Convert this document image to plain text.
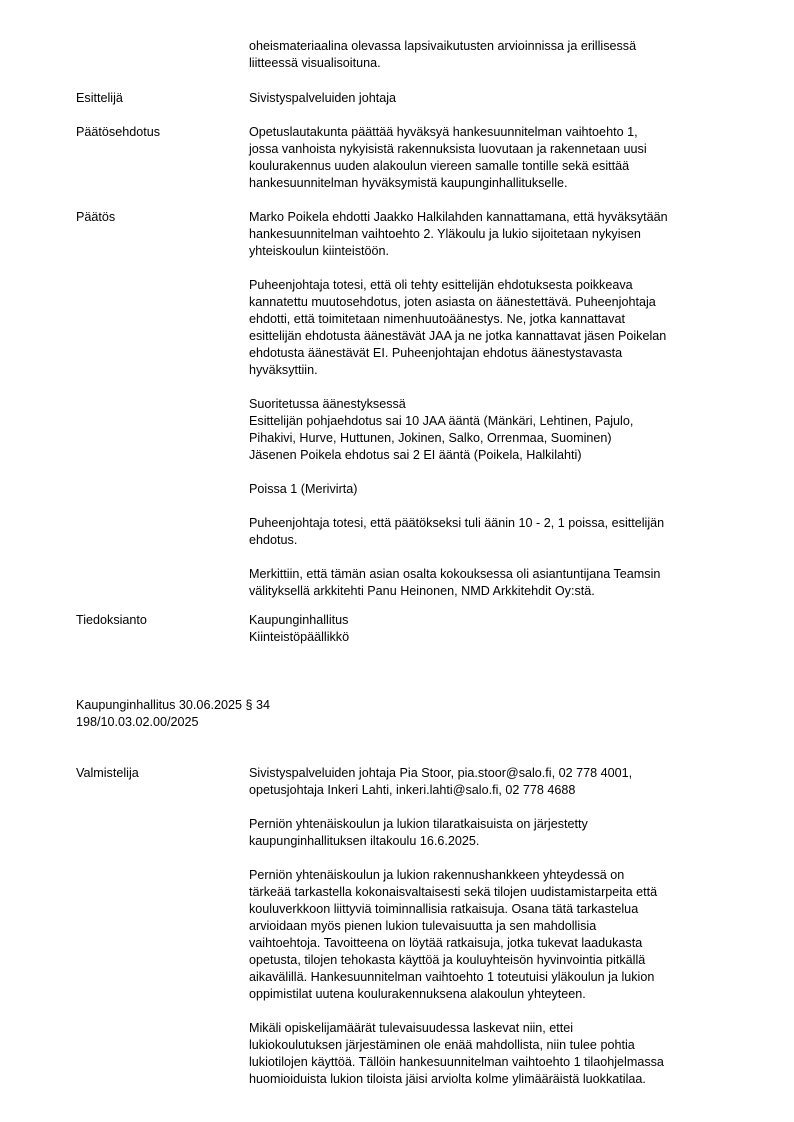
oheismateriaalina olevassa lapsivaikutusten arvioinnissa ja erillisessä
liitteessä visualisoituna.

Esittelijä	Sivistyspalveluiden johtaja

Päätösehdotus	Opetuslautakunta päättää hyväksyä hankesuunnitelman vaihtoehto 1,
jossa vanhoista nykyisistä rakennuksista luovutaan ja rakennetaan uusi
koulurakennus uuden alakoulun viereen samalle tontille sekä esittää
hankesuunnitelman hyväksymistä kaupunginhallitukselle.

Päätös	Marko Poikela ehdotti Jaakko Halkilahden kannattamana, että hyväksytään
hankesuunnitelman vaihtoehto 2. Yläkoulu ja lukio sijoitetaan nykyisen
yhteiskoulun kiinteistöön.

Puheenjohtaja totesi, että oli tehty esittelijän ehdotuksesta poikkeava
kannatettu muutosehdotus, joten asiasta on äänestettävä. Puheenjohtaja
ehdotti, että toimitetaan nimenhuutoäänestys. Ne, jotka kannattavat
esittelijän ehdotusta äänestävät JAA ja ne jotka kannattavat jäsen Poikelan
ehdotusta äänestävät EI. Puheenjohtajan ehdotus äänestystavasta
hyväksyttiin.

Suoritetussa äänestyksessä
Esittelijän pohjaehdotus sai 10 JAA ääntä (Mänkäri, Lehtinen, Pajulo,
Pihakivi, Hurve, Huttunen, Jokinen, Salko, Orrenmaa, Suominen)
Jäsenen Poikela ehdotus sai 2 EI ääntä (Poikela, Halkilahti)

Poissa 1 (Merivirta)

Puheenjohtaja totesi, että päätökseksi tuli äänin 10 - 2, 1 poissa, esittelijän
ehdotus.

Merkittiin, että tämän asian osalta kokouksessa oli asiantuntijana Teamsin
välityksellä arkkitehti Panu Heinonen, NMD Arkkitehdit Oy:stä.

Tiedoksianto	Kaupunginhallitus
Kiinteistöpäällikkö

Kaupunginhallitus 30.06.2025 § 34
198/10.03.02.00/2025
Valmistelija	Sivistyspalveluiden johtaja Pia Stoor, pia.stoor@salo.fi, 02 778 4001,
opetusjohtaja Inkeri Lahti, inkeri.lahti@salo.fi, 02 778 4688

Perniön yhtenäiskoulun ja lukion tilaratkaisuista on järjestetty
kaupunginhallituksen iltakoulu 16.6.2025.

Perniön yhtenäiskoulun ja lukion rakennushankkeen yhteydessä on
tärkeää tarkastella kokonaisvaltaisesti sekä tilojen uudistamistarpeita että
kouluverkkoon liittyviä toiminnallisia ratkaisuja. Osana tätä tarkastelua
arvioidaan myös pienen lukion tulevaisuutta ja sen mahdollisia
vaihtoehtoja. Tavoitteena on löytää ratkaisuja, jotka tukevat laadukasta
opetusta, tilojen tehokasta käyttöä ja kouluyhteisön hyvinvointia pitkällä
aikavälillä. Hankesuunnitelman vaihtoehto 1 toteutuisi yläkoulun ja lukion
oppimistilat uutena koulurakennuksena alakoulun yhteyteen.

Mikäli opiskelijamäärät tulevaisuudessa laskevat niin, ettei
lukiokoulutuksen järjestäminen ole enää mahdollista, niin tulee pohtia
lukiotilojen käyttöä. Tällöin hankesuunnitelman vaihtoehto 1 tilaohjelmassa
huomioiduista lukion tiloista jäisi arviolta kolme ylimääräistä luokkatilaa.
